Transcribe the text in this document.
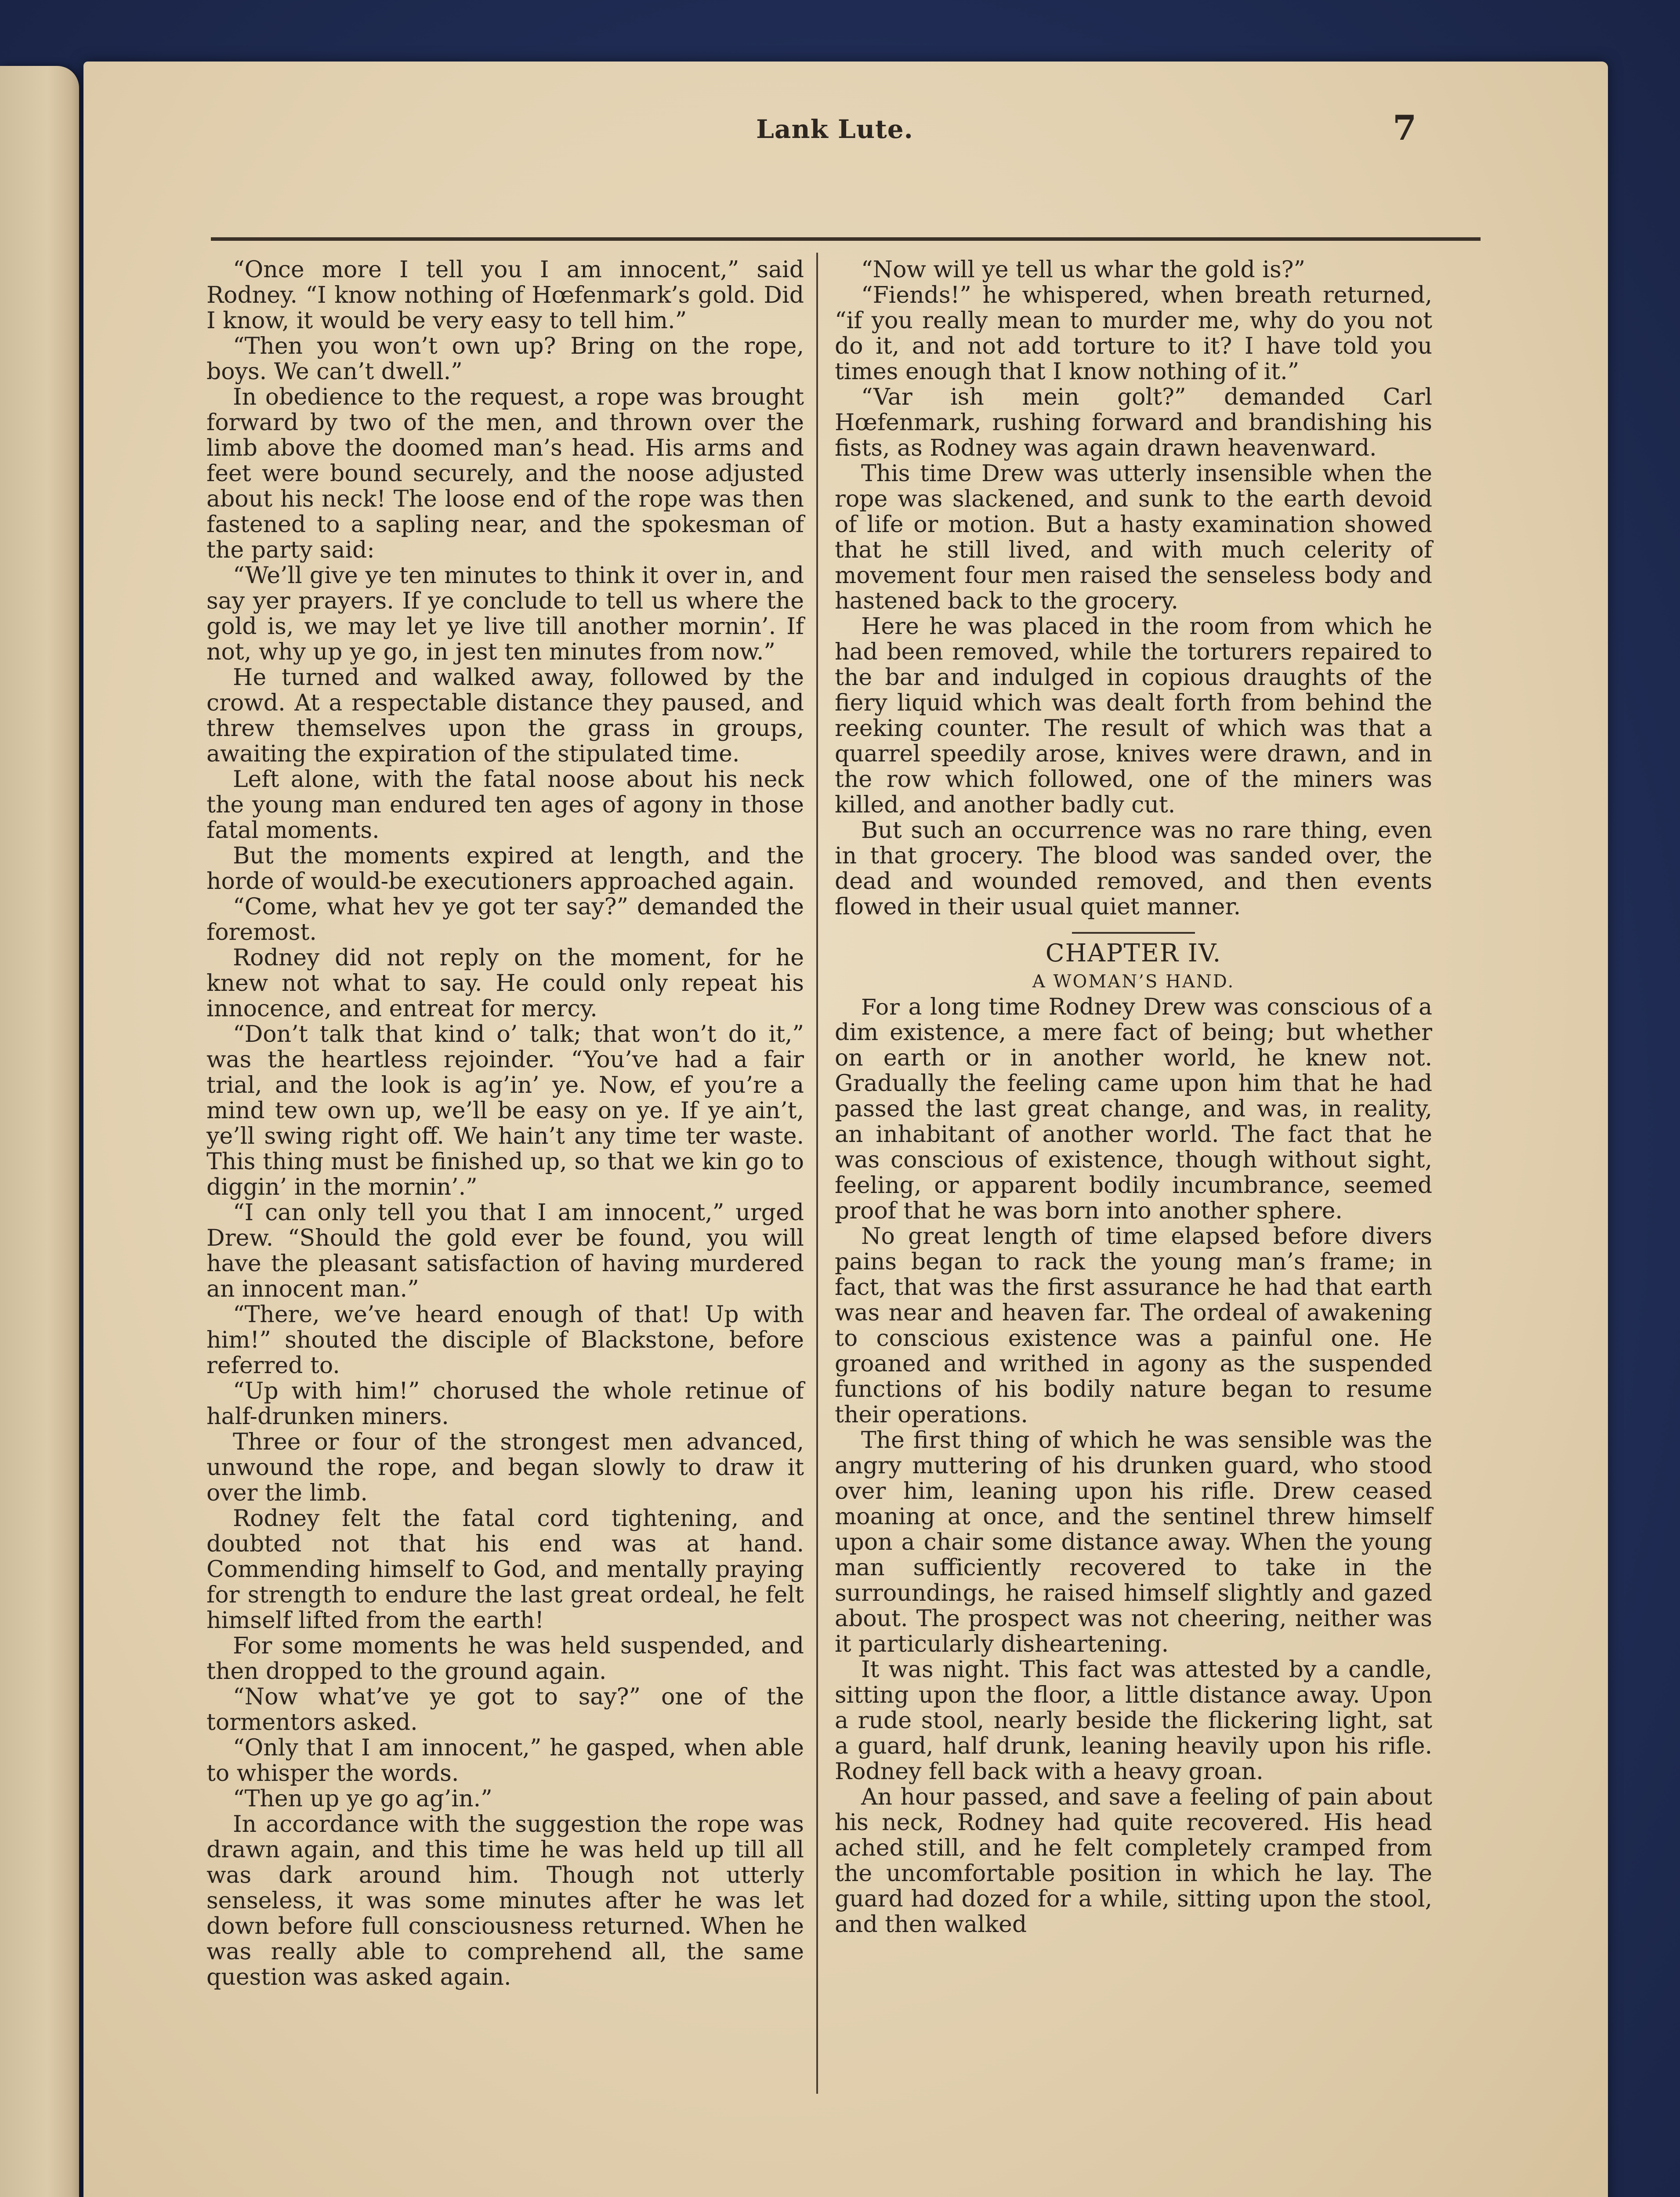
Lank Lute.	7

“Once more I tell you I am innocent,” said Rodney. “I know nothing of Hœfenmark’s gold. Did I know, it would be very easy to tell him.”

“Then you won’t own up? Bring on the rope, boys. We can’t dwell.”

In obedience to the request, a rope was brought forward by two of the men, and thrown over the limb above the doomed man’s head. His arms and feet were bound securely, and the noose adjusted about his neck! The loose end of the rope was then fastened to a sapling near, and the spokesman of the party said:

“We’ll give ye ten minutes to think it over in, and say yer prayers. If ye conclude to tell us where the gold is, we may let ye live till another mornin’. If not, why up ye go, in jest ten minutes from now.”

He turned and walked away, followed by the crowd. At a respectable distance they paused, and threw themselves upon the grass in groups, awaiting the expiration of the stipulated time.

Left alone, with the fatal noose about his neck the young man endured ten ages of agony in those fatal moments.

But the moments expired at length, and the horde of would-be executioners approached again.

“Come, what hev ye got ter say?” demanded the foremost.

Rodney did not reply on the moment, for he knew not what to say. He could only repeat his innocence, and entreat for mercy.

“Don’t talk that kind o’ talk; that won’t do it,” was the heartless rejoinder. “You’ve had a fair trial, and the look is ag’in’ ye. Now, ef you’re a mind tew own up, we’ll be easy on ye. If ye ain’t, ye’ll swing right off. We hain’t any time ter waste. This thing must be finished up, so that we kin go to diggin’ in the mornin’.”

“I can only tell you that I am innocent,” urged Drew. “Should the gold ever be found, you will have the pleasant satisfaction of having murdered an innocent man.”

“There, we’ve heard enough of that! Up with him!” shouted the disciple of Blackstone, before referred to.

“Up with him!” chorused the whole retinue of half-drunken miners.

Three or four of the strongest men advanced, unwound the rope, and began slowly to draw it over the limb.

Rodney felt the fatal cord tightening, and doubted not that his end was at hand. Commending himself to God, and mentally praying for strength to endure the last great ordeal, he felt himself lifted from the earth!

For some moments he was held suspended, and then dropped to the ground again.

“Now what’ve ye got to say?” one of the tormentors asked.

“Only that I am innocent,” he gasped, when able to whisper the words.

“Then up ye go ag’in.”

In accordance with the suggestion the rope was drawn again, and this time he was held up till all was dark around him. Though not utterly senseless, it was some minutes after he was let down before full consciousness returned. When he was really able to comprehend all, the same question was asked again.

“Now will ye tell us whar the gold is?”

“Fiends!” he whispered, when breath returned, “if you really mean to murder me, why do you not do it, and not add torture to it? I have told you times enough that I know nothing of it.”

“Var ish mein golt?” demanded Carl Hœfenmark, rushing forward and brandishing his fists, as Rodney was again drawn heavenward.

This time Drew was utterly insensible when the rope was slackened, and sunk to the earth devoid of life or motion. But a hasty examination showed that he still lived, and with much celerity of movement four men raised the senseless body and hastened back to the grocery.

Here he was placed in the room from which he had been removed, while the torturers repaired to the bar and indulged in copious draughts of the fiery liquid which was dealt forth from behind the reeking counter. The result of which was that a quarrel speedily arose, knives were drawn, and in the row which followed, one of the miners was killed, and another badly cut.

But such an occurrence was no rare thing, even in that grocery. The blood was sanded over, the dead and wounded removed, and then events flowed in their usual quiet manner.

CHAPTER IV.

A WOMAN’S HAND.

For a long time Rodney Drew was conscious of a dim existence, a mere fact of being; but whether on earth or in another world, he knew not. Gradually the feeling came upon him that he had passed the last great change, and was, in reality, an inhabitant of another world. The fact that he was conscious of existence, though without sight, feeling, or apparent bodily incumbrance, seemed proof that he was born into another sphere.

No great length of time elapsed before divers pains began to rack the young man’s frame; in fact, that was the first assurance he had that earth was near and heaven far. The ordeal of awakening to conscious existence was a painful one. He groaned and writhed in agony as the suspended functions of his bodily nature began to resume their operations.

The first thing of which he was sensible was the angry muttering of his drunken guard, who stood over him, leaning upon his rifle. Drew ceased moaning at once, and the sentinel threw himself upon a chair some distance away. When the young man sufficiently recovered to take in the surroundings, he raised himself slightly and gazed about. The prospect was not cheering, neither was it particularly disheartening.

It was night. This fact was attested by a candle, sitting upon the floor, a little distance away. Upon a rude stool, nearly beside the flickering light, sat a guard, half drunk, leaning heavily upon his rifle. Rodney fell back with a heavy groan.

An hour passed, and save a feeling of pain about his neck, Rodney had quite recovered. His head ached still, and he felt completely cramped from the uncomfortable position in which he lay. The guard had dozed for a while, sitting upon the stool, and then walked
